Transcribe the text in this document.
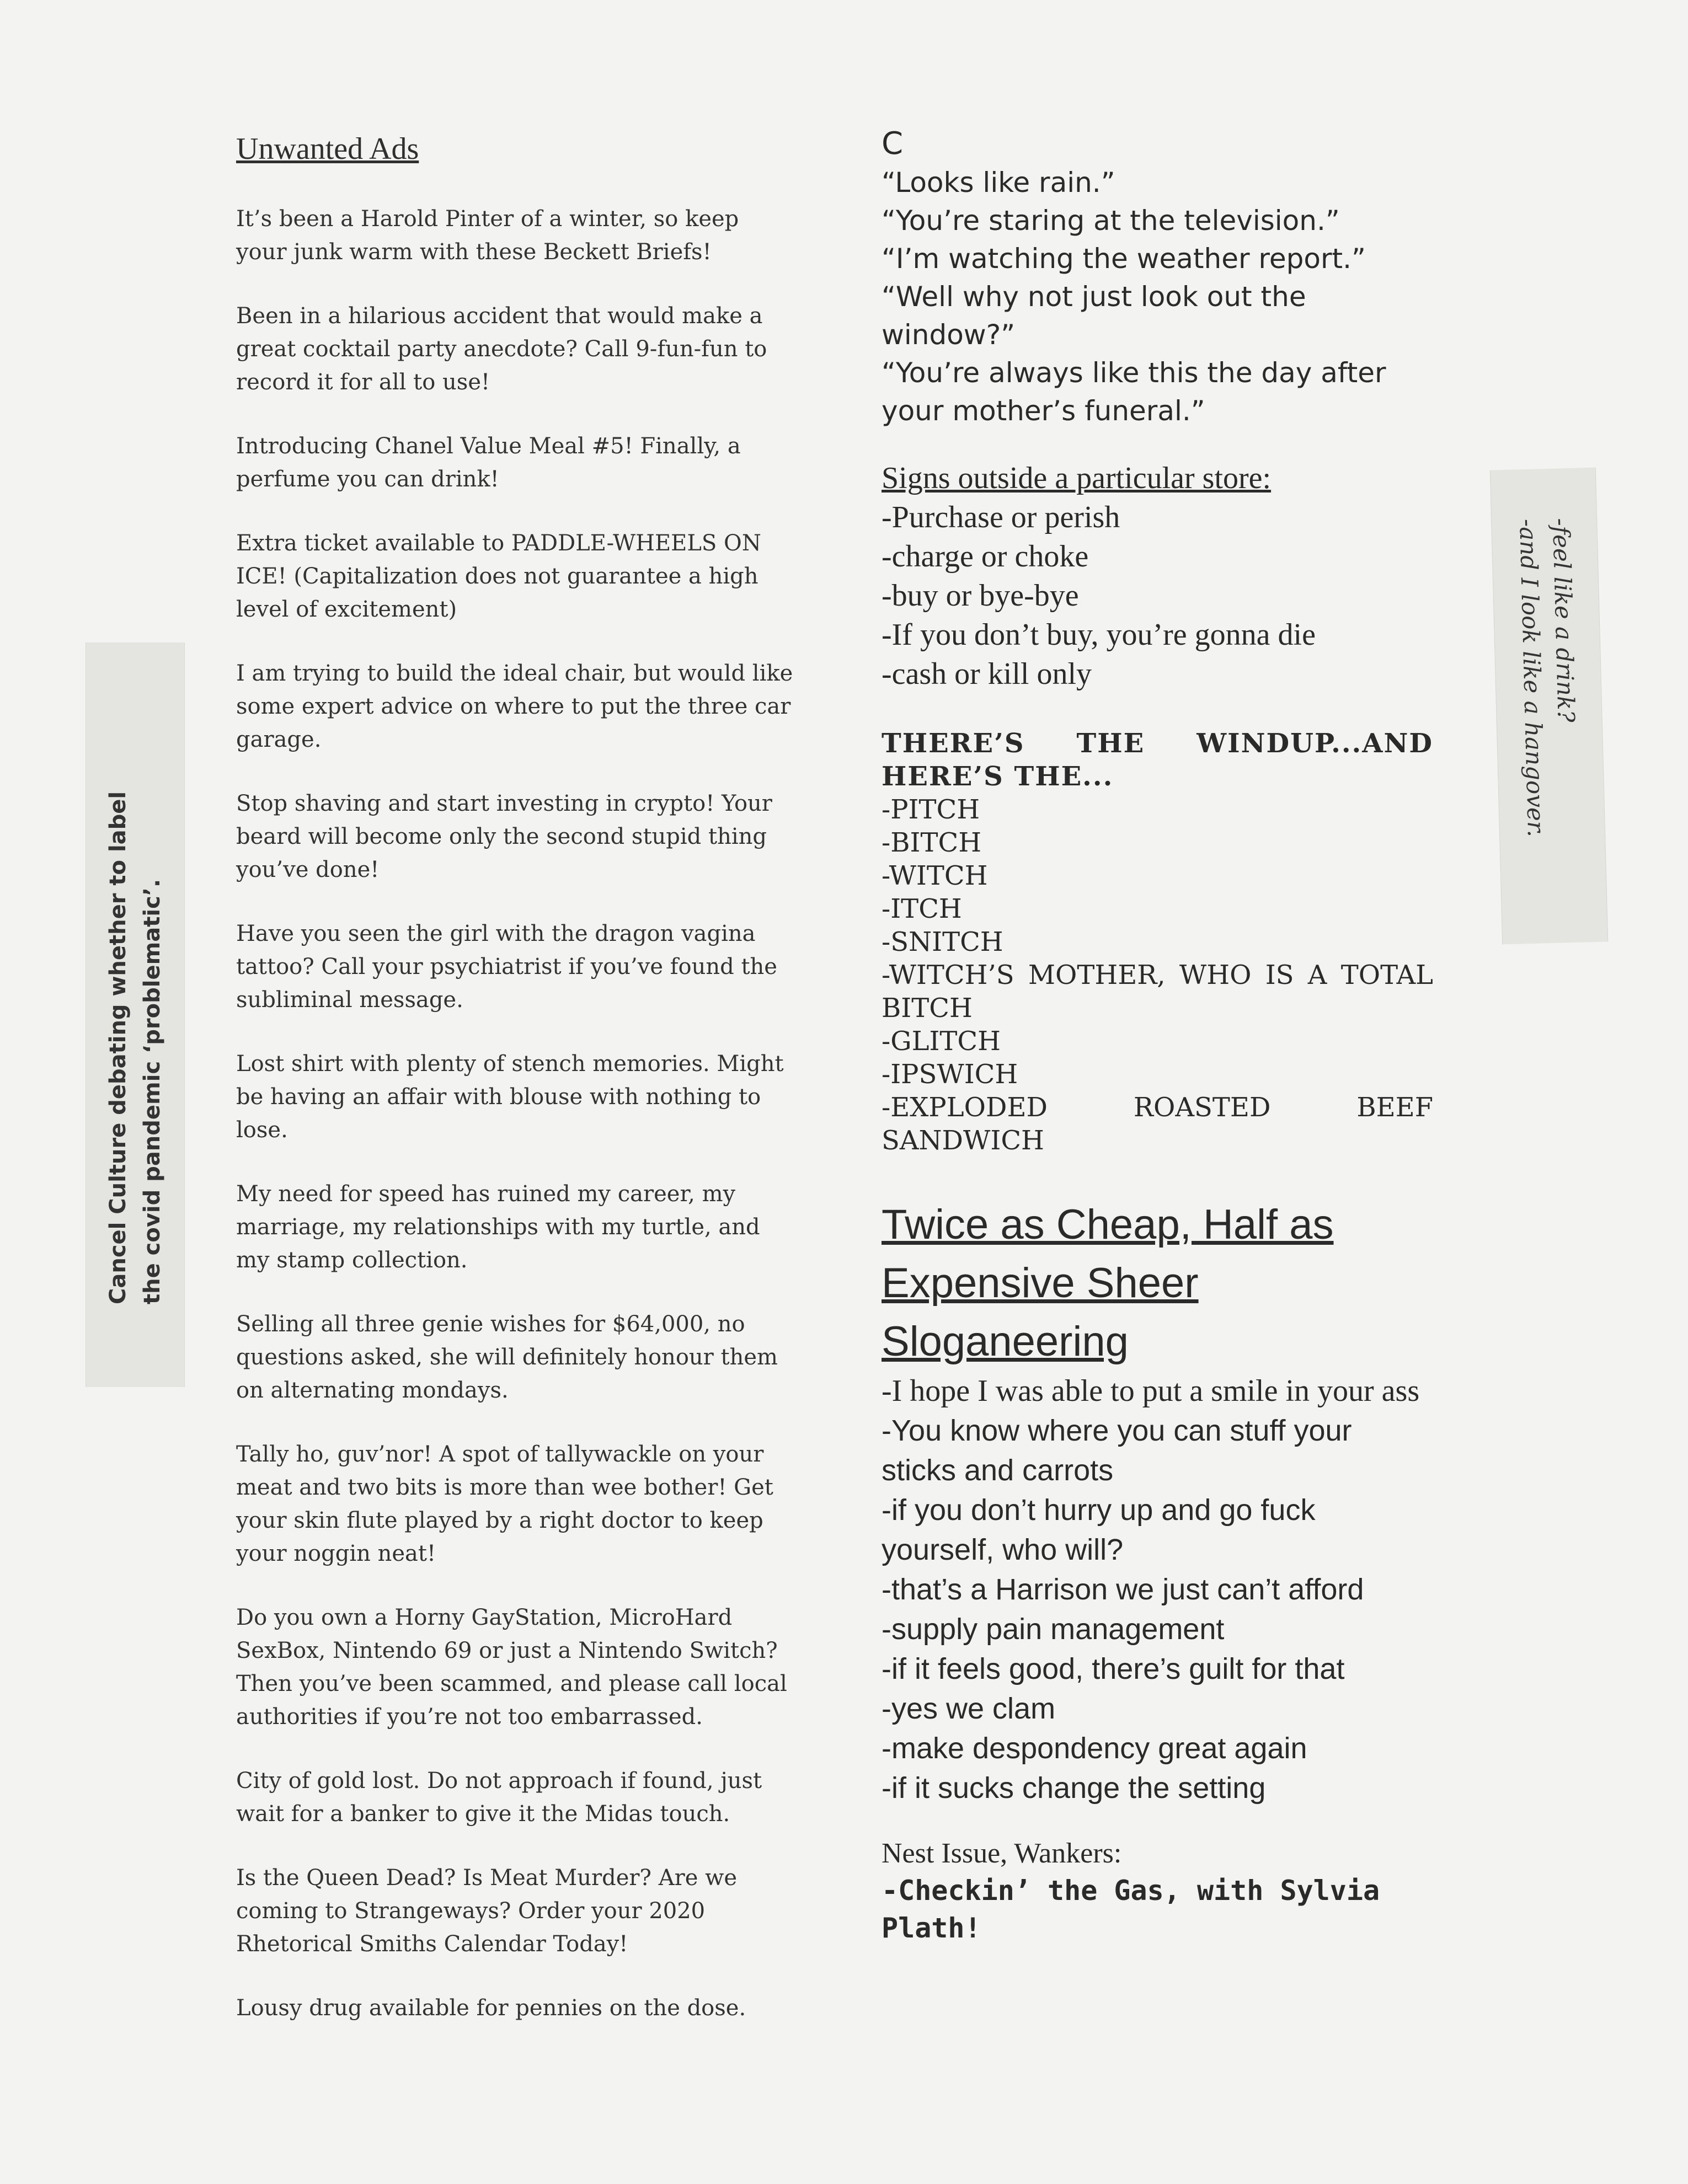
Unwanted Ads

It’s been a Harold Pinter of a winter, so keep your junk warm with these Beckett Briefs!

Been in a hilarious accident that would make a great cocktail party anecdote? Call 9-fun-fun to record it for all to use!

Introducing Chanel Value Meal #5! Finally, a perfume you can drink!

Extra ticket available to PADDLE-WHEELS ON ICE! (Capitalization does not guarantee a high level of excitement)

I am trying to build the ideal chair, but would like some expert advice on where to put the three car garage.

Stop shaving and start investing in crypto! Your beard will become only the second stupid thing you’ve done!

Have you seen the girl with the dragon vagina tattoo? Call your psychiatrist if you’ve found the subliminal message.

Lost shirt with plenty of stench memories. Might be having an affair with blouse with nothing to lose.

My need for speed has ruined my career, my marriage, my relationships with my turtle, and my stamp collection.

Selling all three genie wishes for $64,000, no questions asked, she will definitely honour them on alternating mondays.

Tally ho, guv’nor! A spot of tallywackle on your meat and two bits is more than wee bother! Get your skin flute played by a right doctor to keep your noggin neat!

Do you own a Horny GayStation, MicroHard SexBox, Nintendo 69 or just a Nintendo Switch? Then you’ve been scammed, and please call local authorities if you’re not too embarrassed.

City of gold lost. Do not approach if found, just wait for a banker to give it the Midas touch.

Is the Queen Dead? Is Meat Murder? Are we coming to Strangeways? Order your 2020 Rhetorical Smiths Calendar Today!

Lousy drug available for pennies on the dose.

C
“Looks like rain.”
“You’re staring at the television.”
“I’m watching the weather report.”
“Well why not just look out the window?”
“You’re always like this the day after your mother’s funeral.”
Signs outside a particular store:
-Purchase or perish
-charge or choke
-buy or bye-bye
-If you don’t buy, you’re gonna die
-cash or kill only
THERE’S THE WINDUP...AND HERE’S THE...
-PITCH
-BITCH
-WITCH
-ITCH
-SNITCH
-WITCH’S MOTHER, WHO IS A TOTAL BITCH
-GLITCH
-IPSWICH
-EXPLODED ROASTED BEEF SANDWICH
Twice as Cheap, Half as Expensive Sheer Sloganeering
-I hope I was able to put a smile in your ass
-You know where you can stuff your sticks and carrots
-if you don’t hurry up and go fuck yourself, who will?
-that’s a Harrison we just can’t afford
-supply pain management
-if it feels good, there’s guilt for that
-yes we clam
-make despondency great again
-if it sucks change the setting
Nest Issue, Wankers:
-Checkin’ the Gas, with Sylvia Plath!
Cancel Culture debating whether to label the covid pandemic ‘problematic’.
-feel like a drink?
-and I look like a hangover.
